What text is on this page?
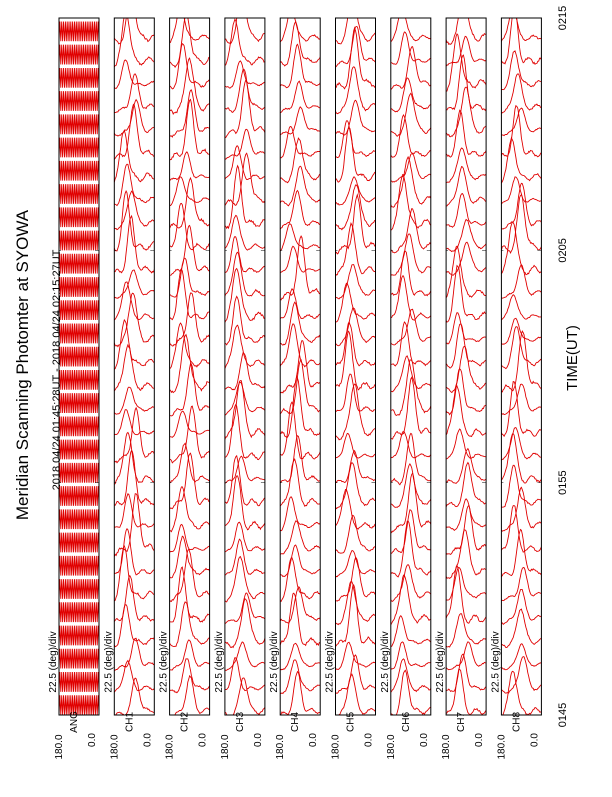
Meridian Scanning Photomter at SYOWA 2018 04/24 01:45:28UT - 2018 04/24 02:15:27UT	TIME(UT)
0145
0155
0205
0215
180.0
ANG
0.0
22.5 (deg)/div
180.0
CH1
0.0
22.5 (deg)/div
180.0
CH2
0.0
22.5 (deg)/div
180.0
CH3
0.0
22.5 (deg)/div
180.0
CH4
0.0
22.5 (deg)/div
180.0
CH5
0.0
22.5 (deg)/div
180.0
CH6
0.0
22.5 (deg)/div
180.0
CH7
0.0
22.5 (deg)/div
180.0
CH8
0.0
22.5 (deg)/div
